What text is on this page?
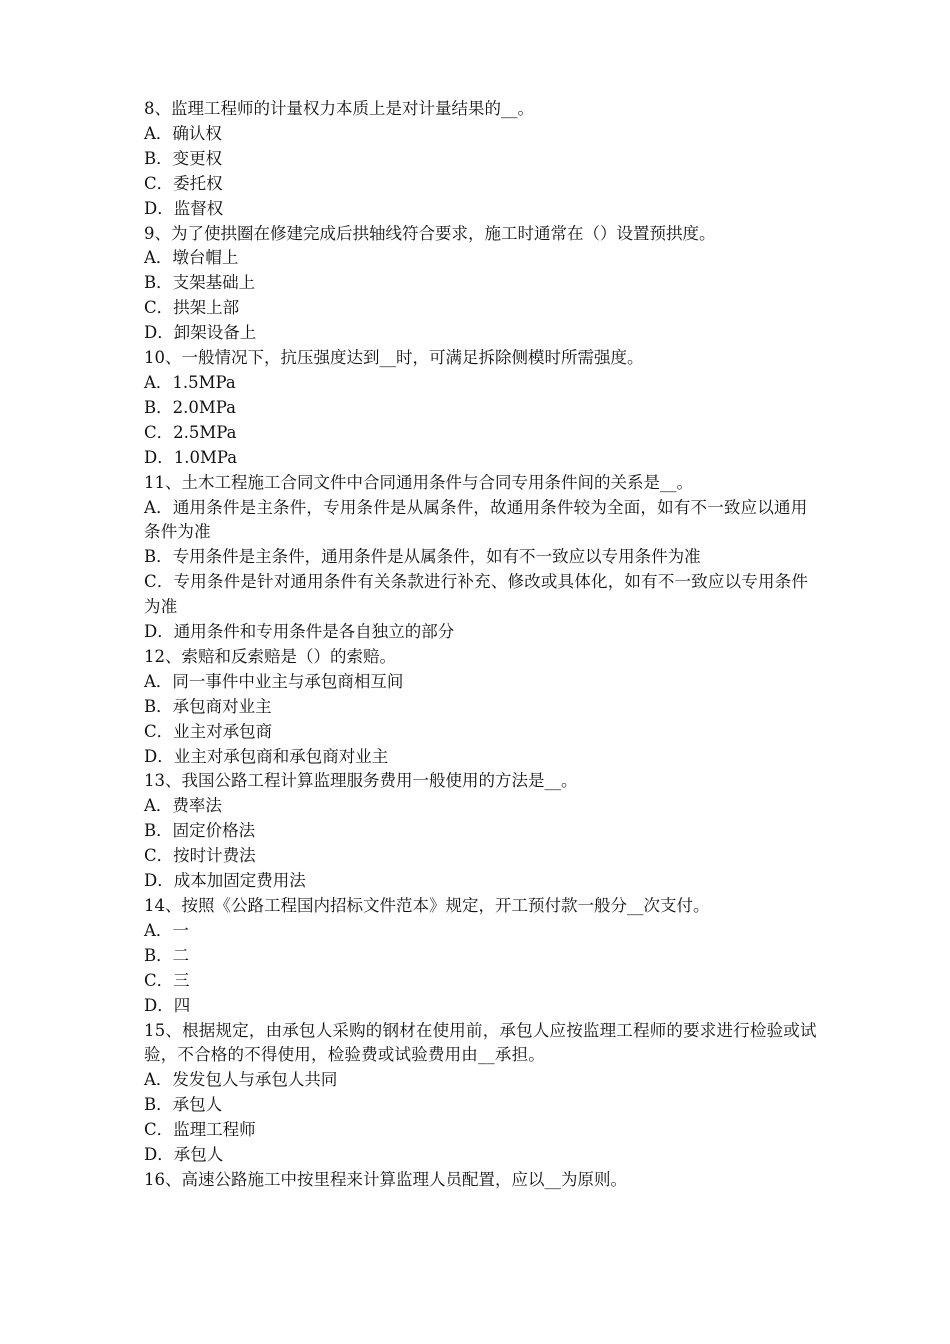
8、监理工程师的计量权力本质上是对计量结果的__。
A．确认权
B．变更权
C．委托权
D．监督权
9、为了使拱圈在修建完成后拱轴线符合要求，施工时通常在（）设置预拱度。
A．墩台帽上
B．支架基础上
C．拱架上部
D．卸架设备上
10、一般情况下，抗压强度达到__时，可满足拆除侧模时所需强度。
A．1.5MPa
B．2.0MPa
C．2.5MPa
D．1.0MPa
11、土木工程施工合同文件中合同通用条件与合同专用条件间的关系是__。
A．通用条件是主条件，专用条件是从属条件，故通用条件较为全面，如有不一致应以通用条件为准
B．专用条件是主条件，通用条件是从属条件，如有不一致应以专用条件为准
C．专用条件是针对通用条件有关条款进行补充、修改或具体化，如有不一致应以专用条件为准
D．通用条件和专用条件是各自独立的部分
12、索赔和反索赔是（）的索赔。
A．同一事件中业主与承包商相互间
B．承包商对业主
C．业主对承包商
D．业主对承包商和承包商对业主
13、我国公路工程计算监理服务费用一般使用的方法是__。
A．费率法
B．固定价格法
C．按时计费法
D．成本加固定费用法
14、按照《公路工程国内招标文件范本》规定，开工预付款一般分__次支付。
A．一
B．二
C．三
D．四
15、根据规定，由承包人采购的钢材在使用前，承包人应按监理工程师的要求进行检验或试验，不合格的不得使用，检验费或试验费用由__承担。
A．发发包人与承包人共同
B．承包人
C．监理工程师
D．承包人
16、高速公路施工中按里程来计算监理人员配置，应以__为原则。
